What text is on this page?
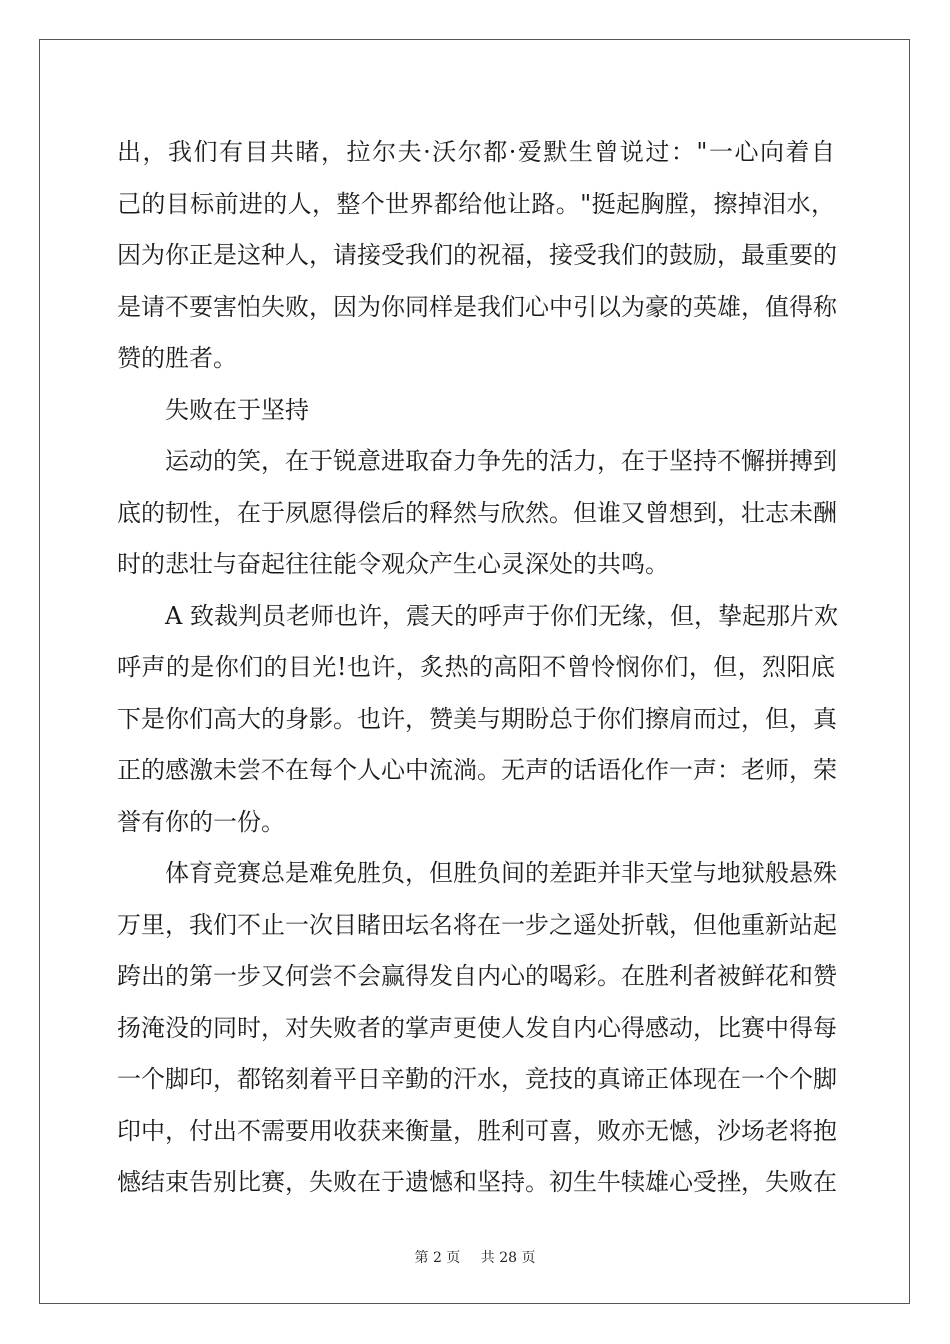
出，我们有目共睹，拉尔夫·沃尔都·爱默生曾说过："一心向着自
己的目标前进的人，整个世界都给他让路。"挺起胸膛，擦掉泪水，
因为你正是这种人，请接受我们的祝福，接受我们的鼓励，最重要的
是请不要害怕失败，因为你同样是我们心中引以为豪的英雄，值得称
赞的胜者。
失败在于坚持
运动的笑，在于锐意进取奋力争先的活力，在于坚持不懈拼搏到
底的韧性，在于夙愿得偿后的释然与欣然。但谁又曾想到，壮志未酬
时的悲壮与奋起往往能令观众产生心灵深处的共鸣。
A 致裁判员老师也许，震天的呼声于你们无缘，但，挚起那片欢
呼声的是你们的目光!也许，炙热的高阳不曾怜悯你们，但，烈阳底
下是你们高大的身影。也许，赞美与期盼总于你们擦肩而过，但，真
正的感激未尝不在每个人心中流淌。无声的话语化作一声：老师，荣
誉有你的一份。
体育竞赛总是难免胜负，但胜负间的差距并非天堂与地狱般悬殊
万里，我们不止一次目睹田坛名将在一步之遥处折戟，但他重新站起
跨出的第一步又何尝不会赢得发自内心的喝彩。在胜利者被鲜花和赞
扬淹没的同时，对失败者的掌声更使人发自内心得感动，比赛中得每
一个脚印，都铭刻着平日辛勤的汗水，竞技的真谛正体现在一个个脚
印中，付出不需要用收获来衡量，胜利可喜，败亦无憾，沙场老将抱
憾结束告别比赛，失败在于遗憾和坚持。初生牛犊雄心受挫，失败在
第 2 页 共 28 页
